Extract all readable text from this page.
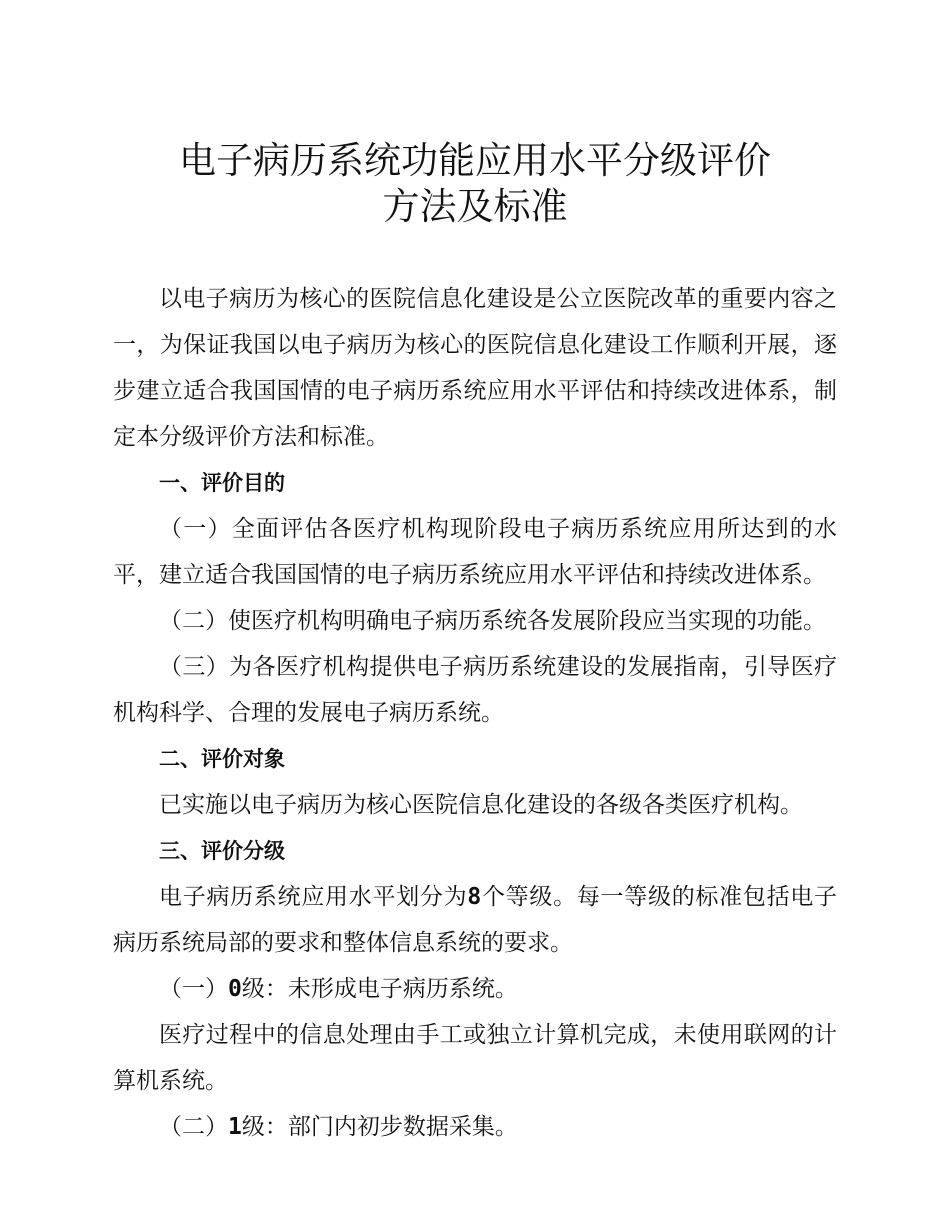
电子病历系统功能应用水平分级评价
方法及标准

以电子病历为核心的医院信息化建设是公立医院改革的重要内容之一，为保证我国以电子病历为核心的医院信息化建设工作顺利开展，逐步建立适合我国国情的电子病历系统应用水平评估和持续改进体系，制定本分级评价方法和标准。

一、评价目的

（一）全面评估各医疗机构现阶段电子病历系统应用所达到的水平，建立适合我国国情的电子病历系统应用水平评估和持续改进体系。

（二）使医疗机构明确电子病历系统各发展阶段应当实现的功能。

（三）为各医疗机构提供电子病历系统建设的发展指南，引导医疗机构科学、合理的发展电子病历系统。

二、评价对象

已实施以电子病历为核心医院信息化建设的各级各类医疗机构。

三、评价分级

电子病历系统应用水平划分为8个等级。每一等级的标准包括电子病历系统局部的要求和整体信息系统的要求。

（一）0级：未形成电子病历系统。

医疗过程中的信息处理由手工或独立计算机完成，未使用联网的计算机系统。

（二）1级：部门内初步数据采集。
